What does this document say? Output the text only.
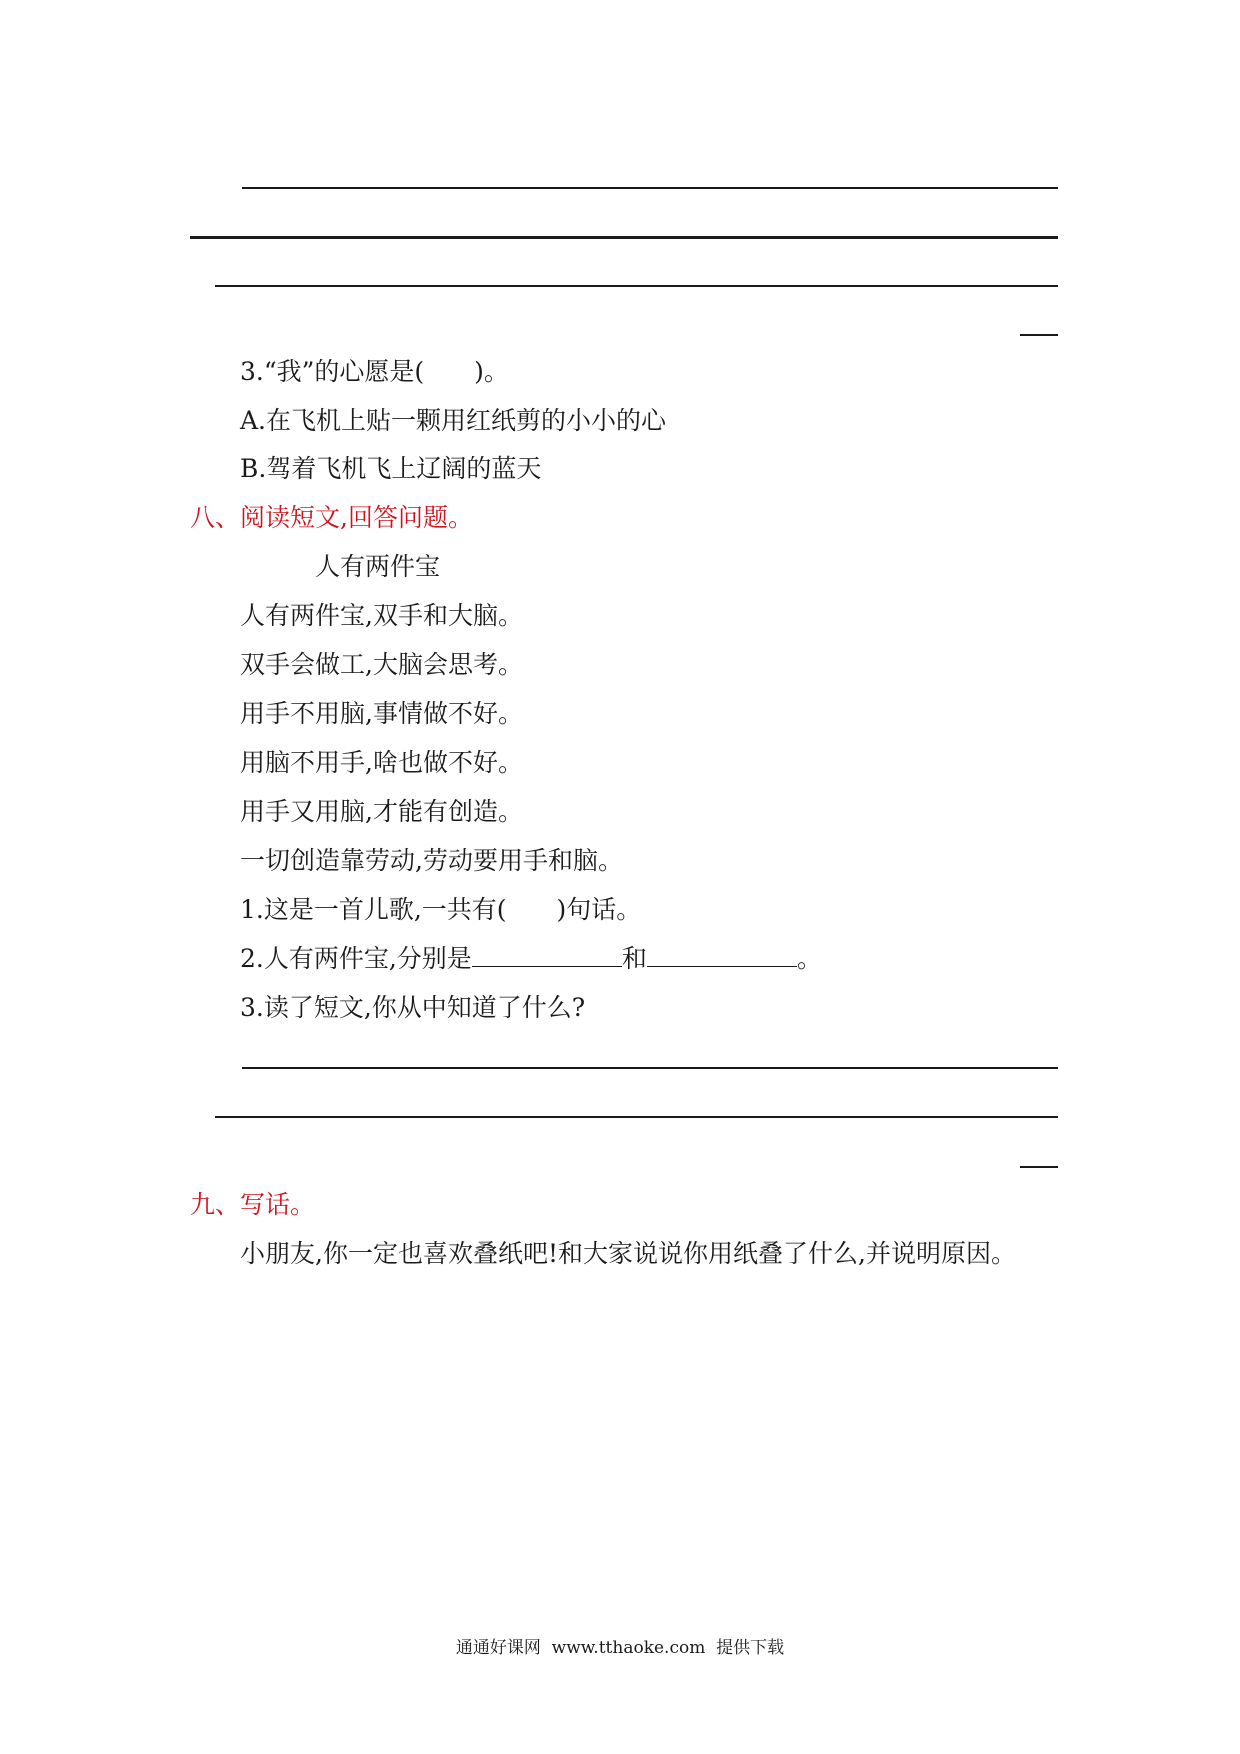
3.“我”的心愿是(　　)。
A.在飞机上贴一颗用红纸剪的小小的心
B.驾着飞机飞上辽阔的蓝天
八、阅读短文,回答问题。
人有两件宝
人有两件宝,双手和大脑。
双手会做工,大脑会思考。
用手不用脑,事情做不好。
用脑不用手,啥也做不好。
用手又用脑,才能有创造。
一切创造靠劳动,劳动要用手和脑。
1.这是一首儿歌,一共有(　　)句话。
2.人有两件宝,分别是	和	。
3.读了短文,你从中知道了什么?
九、写话。
小朋友,你一定也喜欢叠纸吧!和大家说说你用纸叠了什么,并说明原因。
通通好课网  www.tthaoke.com  提供下载
